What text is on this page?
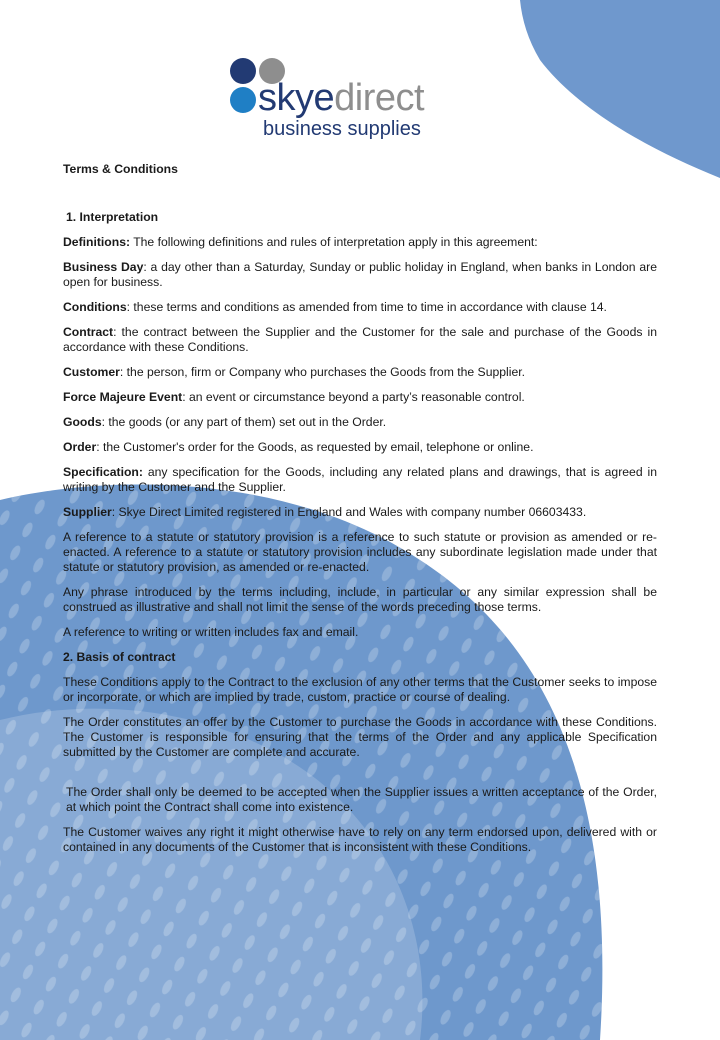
skyedirect
business supplies

Terms & Conditions

1. Interpretation

Definitions: The following definitions and rules of interpretation apply in this agreement:

Business Day: a day other than a Saturday, Sunday or public holiday in England, when banks in London are open for business.

Conditions: these terms and conditions as amended from time to time in accordance with clause 14.

Contract: the contract between the Supplier and the Customer for the sale and purchase of the Goods in accordance with these Conditions.

Customer: the person, firm or Company who purchases the Goods from the Supplier.

Force Majeure Event: an event or circumstance beyond a party’s reasonable control.

Goods: the goods (or any part of them) set out in the Order.

Order: the Customer's order for the Goods, as requested by email, telephone or online.

Specification: any specification for the Goods, including any related plans and drawings, that is agreed in writing by the Customer and the Supplier.

Supplier: Skye Direct Limited registered in England and Wales with company number 06603433.

A reference to a statute or statutory provision is a reference to such statute or provision as amended or re-enacted. A reference to a statute or statutory provision includes any subordinate legislation made under that statute or statutory provision, as amended or re-enacted.

Any phrase introduced by the terms including, include, in particular or any similar expression shall be construed as illustrative and shall not limit the sense of the words preceding those terms.

A reference to writing or written includes fax and email.

2. Basis of contract

These Conditions apply to the Contract to the exclusion of any other terms that the Customer seeks to impose or incorporate, or which are implied by trade, custom, practice or course of dealing.

The Order constitutes an offer by the Customer to purchase the Goods in accordance with these Conditions. The Customer is responsible for ensuring that the terms of the Order and any applicable Specification submitted by the Customer are complete and accurate.

The Order shall only be deemed to be accepted when the Supplier issues a written acceptance of the Order, at which point the Contract shall come into existence.

The Customer waives any right it might otherwise have to rely on any term endorsed upon, delivered with or contained in any documents of the Customer that is inconsistent with these Conditions.
